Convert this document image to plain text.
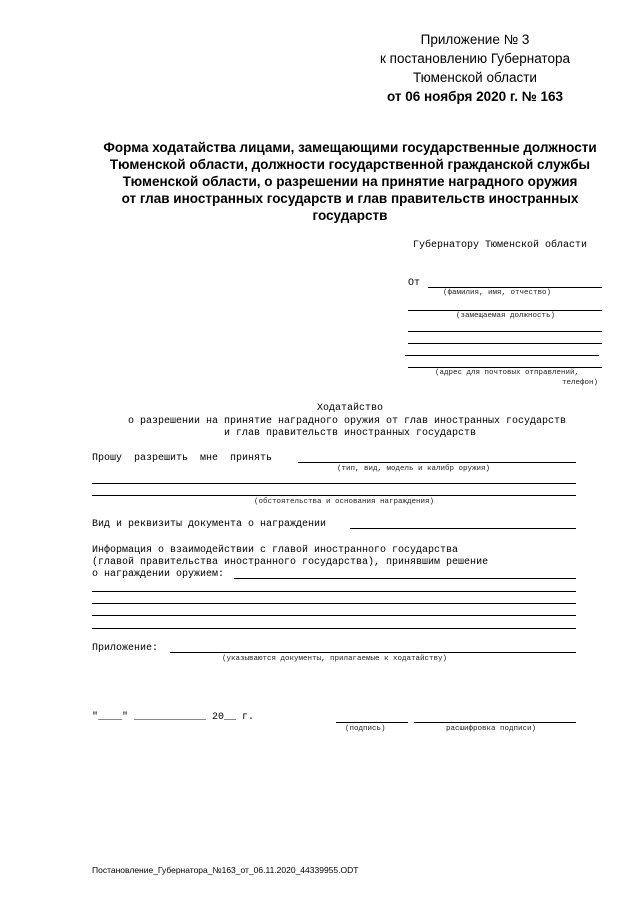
Приложение № 3
к постановлению Губернатора
Тюменской области
от 06 ноября 2020 г. № 163
Форма ходатайства лицами, замещающими государственные должности
Тюменской области, должности государственной гражданской службы
Тюменской области, о разрешении на принятие наградного оружия
от глав иностранных государств и глав правительств иностранных
государств
Губернатору Тюменской области
От
(фамилия, имя, отчество)
(замещаемая должность)
(адрес для почтовых отправлений,
телефон)
Ходатайство
о разрешении на принятие наградного оружия от глав иностранных государств
и глав правительств иностранных государств
Прошу  разрешить  мне  принять
(тип, вид, модель и калибр оружия)
(обстоятельства и основания награждения)
Вид и реквизиты документа о награждении
Информация о взаимодействии с главой иностранного государства
(главой правительства иностранного государства), принявшим решение
о награждении оружием:
Приложение:
(указываются документы, прилагаемые к ходатайству)
"____" ____________ 20__ г.
(подпись)	расшифровка подписи)
Постановление_Губернатора_№163_от_06.11.2020_44339955.ODT
